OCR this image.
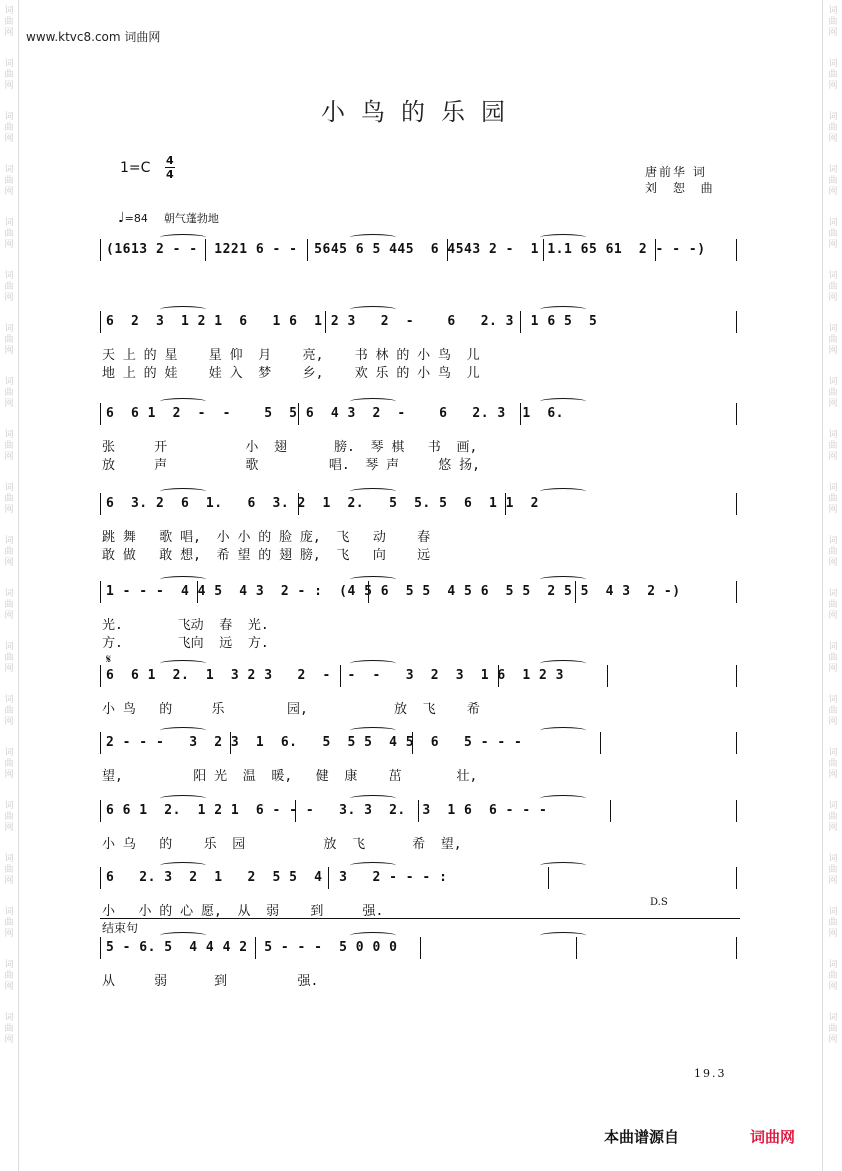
词曲网
词曲网
词曲网
词曲网
词曲网
词曲网
词曲网
词曲网
词曲网
词曲网
词曲网
词曲网
词曲网
词曲网
词曲网
词曲网
词曲网
词曲网
词曲网
词曲网
词曲网
词曲网
词曲网
词曲网
词曲网
词曲网
词曲网
词曲网
词曲网
词曲网
词曲网
词曲网
词曲网
词曲网
词曲网
词曲网
词曲网
词曲网
词曲网
词曲网
www.ktvc8.com 词曲网
小鸟的乐园
1=C 4
4	唐前华 词
刘 恕 曲
♩=84 朝气蓬勃地
(1613 2 - -  1221 6 - -  5645 6 5 445  6 4543 2 -  1 1.1 65 61  2 - - -)
6  2  3  1 2 1  6   1 6  1 2 3   2  -    6   2. 3  1 6 5  5
天 上 的 星    星 仰  月    亮,    书 林 的 小 鸟  儿
地 上 的 娃    娃 入  梦    乡,    欢 乐 的 小 鸟  儿
6  6 1  2  -  -    5  5 6  4 3  2  -    6   2. 3  1  6.
张     开          小  翅      膀.  琴 棋   书  画,
放     声          歌         唱.  琴 声     悠 扬,
6  3. 2  6  1.   6  3. 2  1  2.   5  5. 5  6  1 1  2
跳 舞   歌 唱,  小 小 的 脸 庞,  飞   动    春
敢 做   敢 想,  希 望 的 翅 膀,  飞   向    远
1 - - -  4 4 5  4 3  2 - :  (4 5 6  5 5  4 5 6  5 5  2 5 5  4 3  2 -)
光.       飞动  春  光.
方.       飞向  远  方.
6  6 1  2.  1  3 2 3   2  -  -  -   3  2  3  1 6  1 2 3
小 鸟   的     乐        园,           放  飞    希
2 - - -   3  2 3  1  6.   5  5 5  4 5  6   5 - - -
望,         阳 光  温  暖,   健  康    茁       壮,
6 6 1  2.  1 2 1  6 - - -   3. 3  2.  3  1 6  6 - - -
小 乌   的    乐  园          放  飞      希  望,
6   2. 3  2  1   2  5 5  4  3   2 - - - :
小   小 的 心 愿,  从  弱    到     强.
5 - 6. 5  4 4 4 2  5 - - -  5 0 0 0
从     弱      到         强.
𝄋
D.S
结束句
19.3
本曲谱源自	词曲网
